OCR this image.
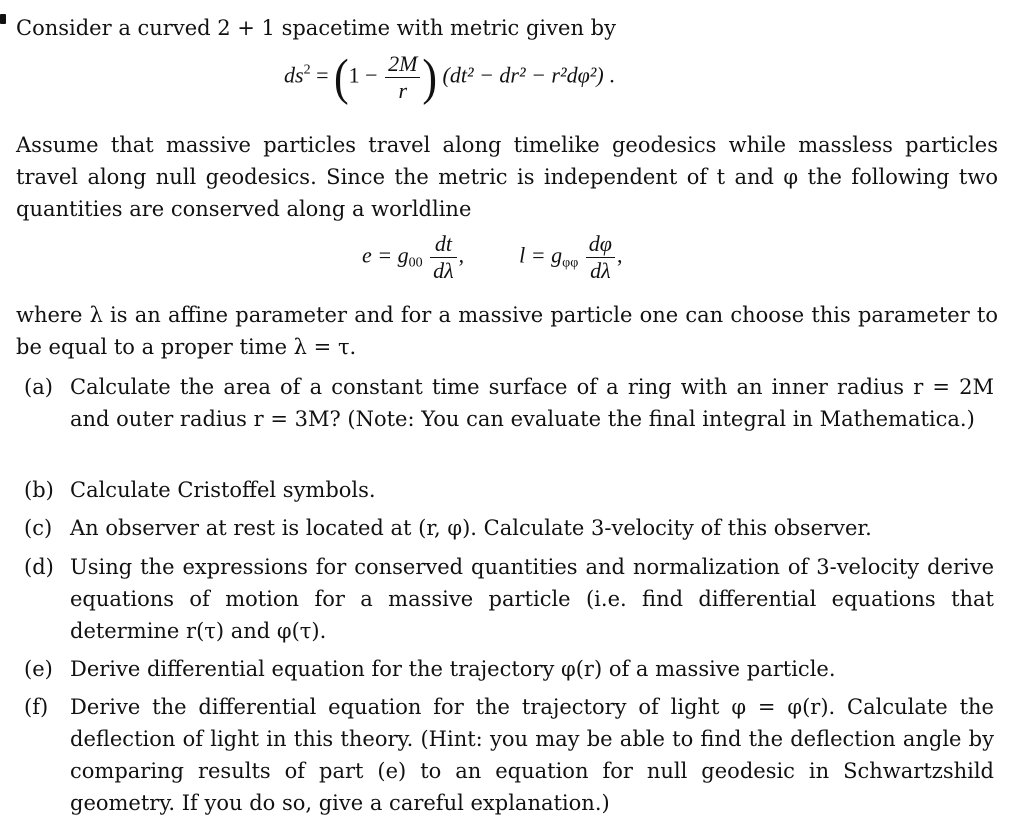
Consider a curved 2 + 1 spacetime with metric given by
$ds^2 = (1 - \frac{2M}{r}$ ) (dt² − dr² − r²dφ²) .
Assume that massive particles travel along timelike geodesics while massless particles travel along null geodesics. Since the metric is independent of t and φ the following two quantities are conserved along a worldline
$e = g_{00} \frac{dt}{d\lambda}$ ,	$l = g_{\varphi\varphi} \frac{d\varphi}{d\lambda}$ ,
where λ is an affine parameter and for a massive particle one can choose this parameter to be equal to a proper time λ = τ.
(a) Calculate the area of a constant time surface of a ring with an inner radius r = 2M and outer radius r = 3M? (Note: You can evaluate the final integral in Mathematica.)
(b) Calculate Cristoffel symbols.
(c) An observer at rest is located at (r, φ). Calculate 3-velocity of this observer.
(d) Using the expressions for conserved quantities and normalization of 3-velocity derive equations of motion for a massive particle (i.e. find differential equations that determine r(τ) and φ(τ).
(e) Derive differential equation for the trajectory φ(r) of a massive particle.
(f)	Derive the differential equation for the trajectory of light φ = φ(r). Calculate the deflection of light in this theory. (Hint: you may be able to find the deflection angle by comparing results of part (e) to an equation for null geodesic in Schwartzshild geometry. If you do so, give a careful explanation.)
